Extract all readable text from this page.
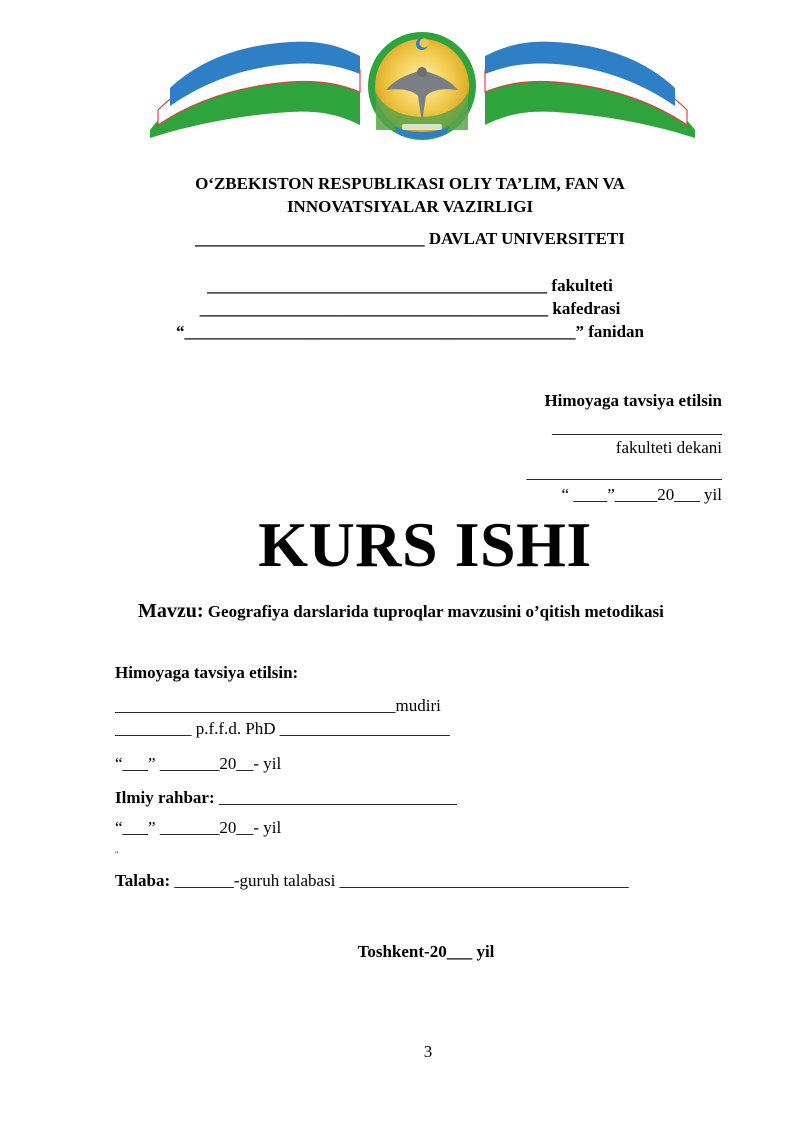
O‘ZBEKISTON RESPUBLIKASI OLIY TA’LIM, FAN VA
INNOVATSIYALAR VAZIRLIGI
___________________________ DAVLAT UNIVERSITETI
________________________________________ fakulteti
_________________________________________ kafedrasi
“______________________________________________” fanidan
Himoyaga tavsiya etilsin
____________________
fakulteti dekani
_______________________
“ ____”_____20___ yil
KURS ISHI
Mavzu: Geografiya darslarida tuproqlar mavzusini o’qitish metodikasi
Himoyaga tavsiya etilsin:
_________________________________mudiri
_________ p.f.f.d. PhD ____________________
“___” _______20__- yil
Ilmiy rahbar: ____________________________
“___” _______20__- yil
"
Talaba: _______-guruh talabasi __________________________________
Toshkent-20___ yil
3
